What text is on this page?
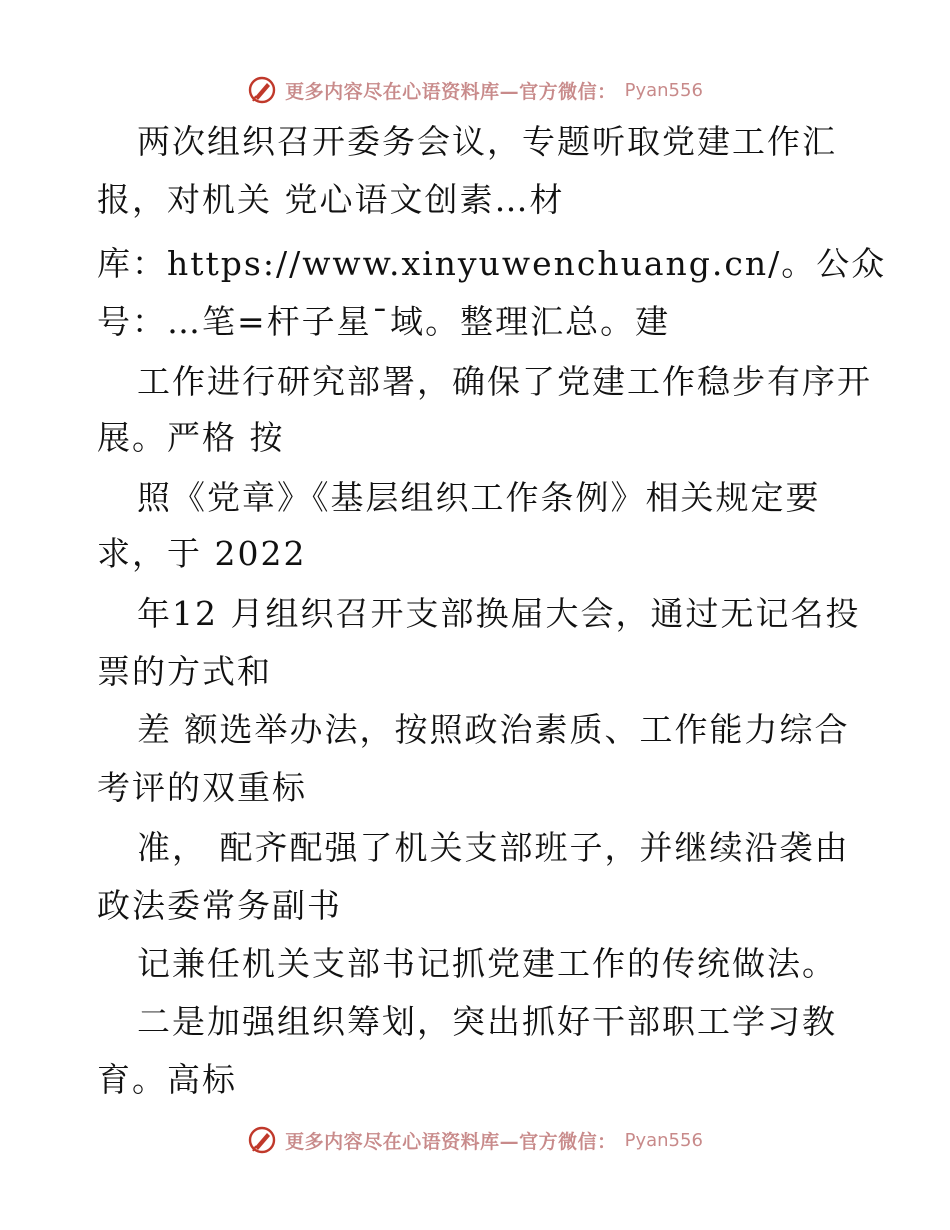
更多内容尽在心语资料库—官方微信： Pyan556
两次组织召开委务会议，专题听取党建工作汇
报，对机关 党心语文创素…材
库：https://www.xinyuwenchuang.cn/。公众
号：…笔=杆子星¯域。整理汇总。建
工作进行研究部署，确保了党建工作稳步有序开
展。严格 按
照《党章》《基层组织工作条例》相关规定要
求，于 2022
年12 月组织召开支部换届大会，通过无记名投
票的方式和
差 额选举办法，按照政治素质、工作能力综合
考评的双重标
准， 配齐配强了机关支部班子，并继续沿袭由
政法委常务副书
记兼任机关支部书记抓党建工作的传统做法。
二是加强组织筹划，突出抓好干部职工学习教
育。高标
更多内容尽在心语资料库—官方微信： Pyan556
